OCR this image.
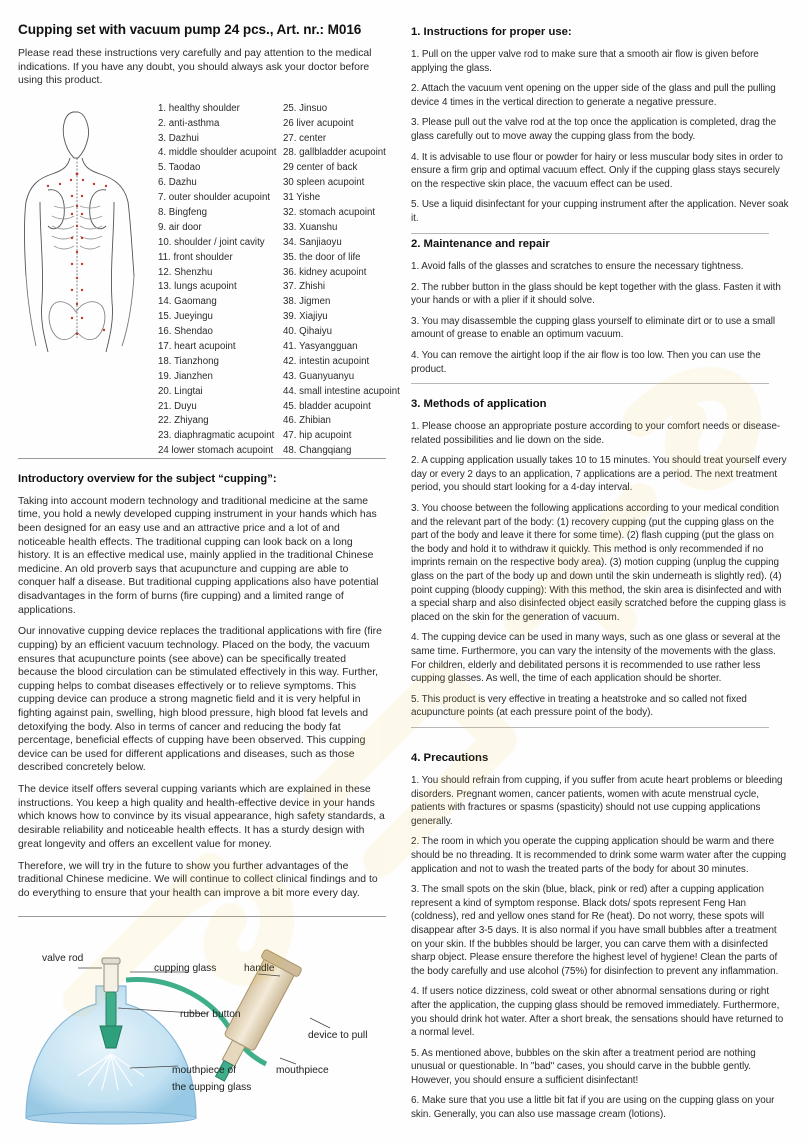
Cupping set with vacuum pump 24 pcs., Art. nr.: M016

Please read these instructions very carefully and pay attention to the medical indications. If you have any doubt, you should always ask your doctor before using this product.

1. healthy shoulder
2. anti-asthma
3. Dazhui
4. middle shoulder acupoint
5. Taodao
6. Dazhu
7. outer shoulder acupoint
8. Bingfeng
9. air door
10. shoulder / joint cavity
11. front shoulder
12. Shenzhu
13. lungs acupoint
14. Gaomang
15. Jueyingu
16. Shendao
17. heart acupoint
18. Tianzhong
19. Jianzhen
20. Lingtai
21. Duyu
22. Zhiyang
23. diaphragmatic acupoint
24 lower stomach acupoint
25. Jinsuo
26 liver acupoint
27. center
28. gallbladder acupoint
29 center of back
30 spleen acupoint
31 Yishe
32. stomach acupoint
33. Xuanshu
34. Sanjiaoyu
35. the door of life
36. kidney acupoint
37. Zhishi
38. Jigmen
39. Xiajiyu
40. Qihaiyu
41. Yasyangguan
42. intestin acupoint
43. Guanyuanyu
44. small intestine acupoint
45. bladder acupoint
46. Zhibian
47. hip acupoint
48. Changqiang
Introductory overview for the subject “cupping”:

Taking into account modern technology and traditional medicine at the same time, you hold a newly developed cupping instrument in your hands which has been designed for an easy use and an attractive price and a lot of and noticeable health effects. The traditional cupping can look back on a long history. It is an effective medical use, mainly applied in the traditional Chinese medicine. An old proverb says that acupuncture and cupping are able to conquer half a disease. But traditional cupping applications also have potential disadvantages in the form of burns (fire cupping) and a limited range of applications.

Our innovative cupping device replaces the traditional applications with fire (fire cupping) by an efficient vacuum technology. Placed on the body, the vacuum ensures that acupuncture points (see above) can be specifically treated because the blood circulation can be stimulated effectively in this way. Further, cupping helps to combat diseases effectively or to relieve symptoms. This cupping device can produce a strong magnetic field and it is very helpful in fighting against pain, swelling, high blood pressure, high blood fat levels and detoxifying the body. Also in terms of cancer and reducing the body fat percentage, beneficial effects of cupping have been observed. This cupping device can be used for different applications and diseases, such as those described concretely below.

The device itself offers several cupping variants which are explained in these instructions. You keep a high quality and health-effective device in your hands which knows how to convince by its visual appearance, high safety standards, a desirable reliability and noticeable health effects. It has a sturdy design with great longevity and offers an excellent value for money.

Therefore, we will try in the future to show you further advantages of the traditional Chinese medicine. We will continue to collect clinical findings and to do everything to ensure that your health can improve a bit more every day.

valve rod
cupping glass	handle
rubber button
device to pull
mouthpiece of
the cupping glass
mouthpiece
1. Instructions for proper use:

1. Pull on the upper valve rod to make sure that a smooth air flow is given before applying the glass.

2. Attach the vacuum vent opening on the upper side of the glass and pull the pulling device 4 times in the vertical direction to generate a negative pressure.

3. Please pull out the valve rod at the top once the application is completed, drag the glass carefully out to move away the cupping glass from the body.

4. It is advisable to use flour or powder for hairy or less muscular body sites in order to ensure a firm grip and optimal vacuum effect. Only if the cupping glass stays securely on the respective skin place, the vacuum effect can be used.

5. Use a liquid disinfectant for your cupping instrument after the application. Never soak it.

2. Maintenance and repair

1. Avoid falls of the glasses and scratches to ensure the necessary tightness.

2. The rubber button in the glass should be kept together with the glass. Fasten it with your hands or with a plier if it should solve.

3. You may disassemble the cupping glass yourself to eliminate dirt or to use a small amount of grease to enable an optimum vacuum.

4. You can remove the airtight loop if the air flow is too low. Then you can use the product.

3. Methods of application

1. Please choose an appropriate posture according to your comfort needs or disease-related possibilities and lie down on the side.

2. A cupping application usually takes 10 to 15 minutes. You should treat yourself every day or every 2 days to an application, 7 applications are a period. The next treatment period, you should start looking for a 4-day interval.

3. You choose between the following applications according to your medical condition and the relevant part of the body: (1) recovery cupping (put the cupping glass on the part of the body and leave it there for some time). (2) flash cupping (put the glass on the body and hold it to withdraw it quickly. This method is only recommended if no imprints remain on the respective body area). (3) motion cupping (unplug the cupping glass on the part of the body up and down until the skin underneath is slightly red). (4) point cupping (bloody cupping): With this method, the skin area is disinfected and with a special sharp and also disinfected object easily scratched before the cupping glass is placed on the skin for the generation of vacuum.

4. The cupping device can be used in many ways, such as one glass or several at the same time. Furthermore, you can vary the intensity of the movements with the glass. For children, elderly and debilitated persons it is recommended to use rather less cupping glasses. As well, the time of each application should be shorter.

5. This product is very effective in treating a heatstroke and so called not fixed acupuncture points (at each pressure point of the body).

4. Precautions

1. You should refrain from cupping, if you suffer from acute heart problems or bleeding disorders. Pregnant women, cancer patients, women with acute menstrual cycle, patients with fractures or spasms (spasticity) should not use cupping applications generally.

2. The room in which you operate the cupping application should be warm and there should be no threading. It is recommended to drink some warm water after the cupping application and not to wash the treated parts of the body for about 30 minutes.

3. The small spots on the skin (blue, black, pink or red) after a cupping application represent a kind of symptom response. Black dots/ spots represent Feng Han (coldness), red and yellow ones stand for Re (heat). Do not worry, these spots will disappear after 3-5 days. It is also normal if you have small bubbles after a treatment on your skin. If the bubbles should be larger, you can carve them with a disinfected sharp object. Please ensure therefore the highest level of hygiene! Clean the parts of the body carefully and use alcohol (75%) for disinfection to prevent any inflammation.

4. If users notice dizziness, cold sweat or other abnormal sensations during or right after the application, the cupping glass should be removed immediately. Furthermore, you should drink hot water. After a short break, the sensations should have returned to a normal level.

5. As mentioned above, bubbles on the skin after a treatment period are nothing unusual or questionable. In "bad" cases, you should carve in the bubble gently. However, you should ensure a sufficient disinfectant!

6. Make sure that you use a little bit fat if you are using on the cupping glass on your skin. Generally, you can also use massage cream (lotions).
